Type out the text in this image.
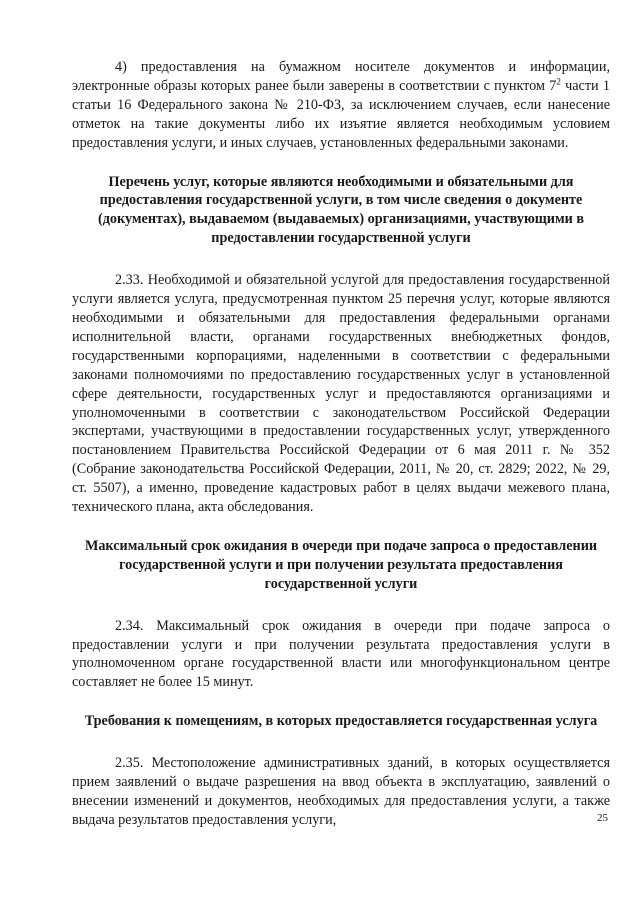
4) предоставления на бумажном носителе документов и информации, электронные образы которых ранее были заверены в соответствии с пунктом $7^2$ части 1 статьи 16 Федерального закона № 210-ФЗ, за исключением случаев, если нанесение отметок на такие документы либо их изъятие является необходимым условием предоставления услуги, и иных случаев, установленных федеральными законами.

Перечень услуг, которые являются необходимыми и обязательными для предоставления государственной услуги, в том числе сведения о документе (документах), выдаваемом (выдаваемых) организациями, участвующими в предоставлении государственной услуги

2.33. Необходимой и обязательной услугой для предоставления государственной услуги является услуга, предусмотренная пунктом 25 перечня услуг, которые являются необходимыми и обязательными для предоставления федеральными органами исполнительной власти, органами государственных внебюджетных фондов, государственными корпорациями, наделенными в соответствии с федеральными законами полномочиями по предоставлению государственных услуг в установленной сфере деятельности, государственных услуг и предоставляются организациями и уполномоченными в соответствии с законодательством Российской Федерации экспертами, участвующими в предоставлении государственных услуг, утвержденного постановлением Правительства Российской Федерации от 6 мая 2011 г. № 352 (Собрание законодательства Российской Федерации, 2011, № 20, ст. 2829; 2022, № 29, ст. 5507), а именно, проведение кадастровых работ в целях выдачи межевого плана, технического плана, акта обследования.

Максимальный срок ожидания в очереди при подаче запроса о предоставлении государственной услуги и при получении результата предоставления государственной услуги

2.34. Максимальный срок ожидания в очереди при подаче запроса о предоставлении услуги и при получении результата предоставления услуги в уполномоченном органе государственной власти или многофункциональном центре составляет не более 15 минут.

Требования к помещениям, в которых предоставляется государственная услуга

2.35. Местоположение административных зданий, в которых осуществляется прием заявлений о выдаче разрешения на ввод объекта в эксплуатацию, заявлений о внесении изменений и документов, необходимых для предоставления услуги, а также выдача результатов предоставления услуги,	25
